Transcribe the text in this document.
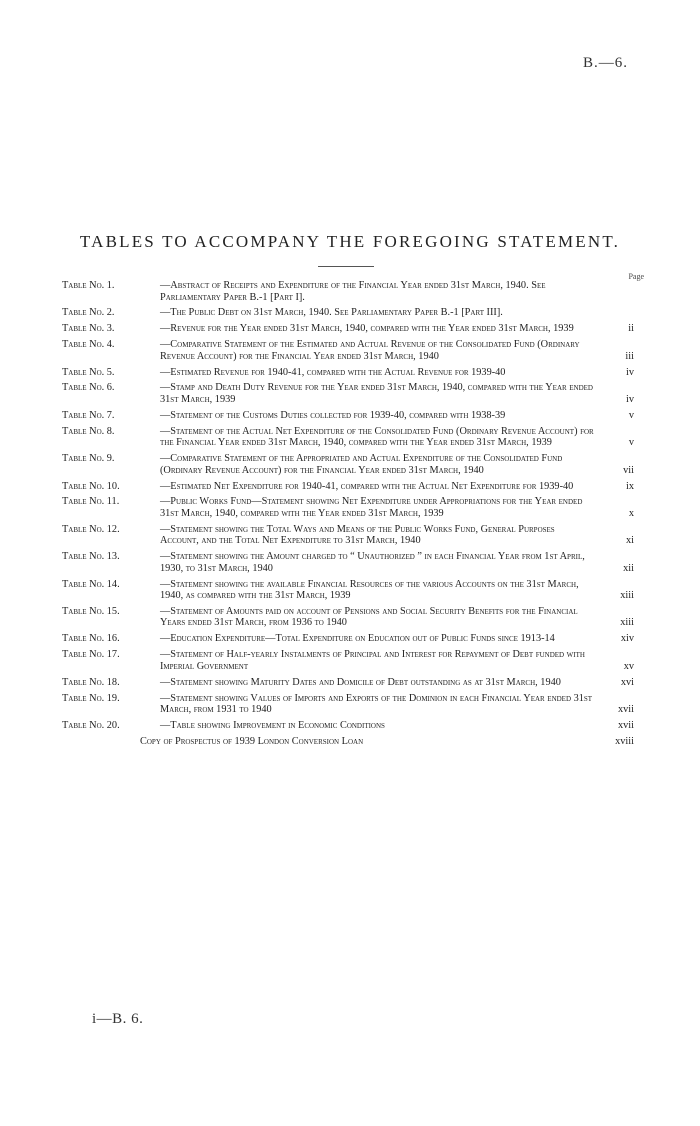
B.—6.
TABLES TO ACCOMPANY THE FOREGOING STATEMENT.
Page
Table No. 1.	—Abstract of Receipts and Expenditure of the Financial Year ended 31st March, 1940. See Parliamentary Paper B.-1 [Part I].
Table No. 2.	—The Public Debt on 31st March, 1940. See Parliamentary Paper B.-1 [Part III].
Table No. 3.	—Revenue for the Year ended 31st March, 1940, compared with the Year ended 31st March, 1939	ii
Table No. 4.	—Comparative Statement of the Estimated and Actual Revenue of the Consolidated Fund (Ordinary Revenue Account) for the Financial Year ended 31st March, 1940	iii
Table No. 5.	—Estimated Revenue for 1940-41, compared with the Actual Revenue for 1939-40	iv
Table No. 6.	—Stamp and Death Duty Revenue for the Year ended 31st March, 1940, compared with the Year ended 31st March, 1939	iv
Table No. 7.	—Statement of the Customs Duties collected for 1939-40, compared with 1938-39	v
Table No. 8.	—Statement of the Actual Net Expenditure of the Consolidated Fund (Ordinary Revenue Account) for the Financial Year ended 31st March, 1940, compared with the Year ended 31st March, 1939	v
Table No. 9.	—Comparative Statement of the Appropriated and Actual Expenditure of the Consolidated Fund (Ordinary Revenue Account) for the Financial Year ended 31st March, 1940	vii
Table No. 10.	—Estimated Net Expenditure for 1940-41, compared with the Actual Net Expenditure for 1939-40	ix
Table No. 11.	—Public Works Fund—Statement showing Net Expenditure under Appropriations for the Year ended 31st March, 1940, compared with the Year ended 31st March, 1939	x
Table No. 12.	—Statement showing the Total Ways and Means of the Public Works Fund, General Purposes Account, and the Total Net Expenditure to 31st March, 1940	xi
Table No. 13.	—Statement showing the Amount charged to “ Unauthorized ” in each Financial Year from 1st April, 1930, to 31st March, 1940	xii
Table No. 14.	—Statement showing the available Financial Resources of the various Accounts on the 31st March, 1940, as compared with the 31st March, 1939	xiii
Table No. 15.	—Statement of Amounts paid on account of Pensions and Social Security Benefits for the Financial Years ended 31st March, from 1936 to 1940	xiii
Table No. 16.	—Education Expenditure—Total Expenditure on Education out of Public Funds since 1913-14	xiv
Table No. 17.	—Statement of Half-yearly Instalments of Principal and Interest for Repayment of Debt funded with Imperial Government	xv
Table No. 18.	—Statement showing Maturity Dates and Domicile of Debt outstanding as at 31st March, 1940	xvi
Table No. 19.	—Statement showing Values of Imports and Exports of the Dominion in each Financial Year ended 31st March, from 1931 to 1940	xvii
Table No. 20.	—Table showing Improvement in Economic Conditions	xvii
Copy of Prospectus of 1939 London Conversion Loan	xviii
i—B. 6.
